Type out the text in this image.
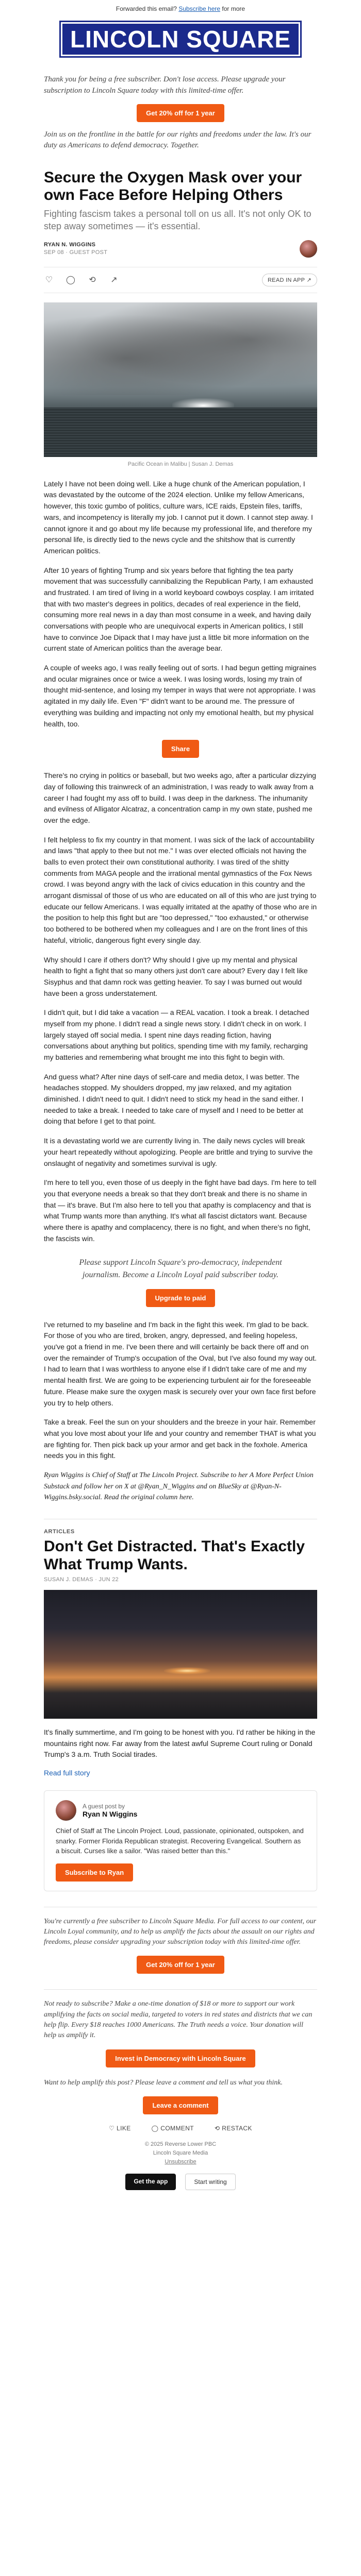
Forwarded this email? Subscribe here for more
LINCOLN SQUARE

Thank you for being a free subscriber. Don't lose access. Please upgrade your subscription to Lincoln Square today with this limited-time offer.

Get 20% off for 1 year

Join us on the frontline in the battle for our rights and freedoms under the law. It's our duty as Americans to defend democracy. Together.

Secure the Oxygen Mask over your own Face Before Helping Others

Fighting fascism takes a personal toll on us all. It's not only OK to step away sometimes — it's essential.

RYAN N. WIGGINS
SEP 08 · GUEST POST
♡ ◯ ⟲ ↗	READ IN APP ↗
Pacific Ocean in Malibu | Susan J. Demas

Lately I have not been doing well. Like a huge chunk of the American population, I was devastated by the outcome of the 2024 election. Unlike my fellow Americans, however, this toxic gumbo of politics, culture wars, ICE raids, Epstein files, tariffs, wars, and incompetency is literally my job. I cannot put it down. I cannot step away. I cannot ignore it and go about my life because my professional life, and therefore my personal life, is directly tied to the news cycle and the shitshow that is currently American politics.

After 10 years of fighting Trump and six years before that fighting the tea party movement that was successfully cannibalizing the Republican Party, I am exhausted and frustrated. I am tired of living in a world keyboard cowboys cosplay. I am irritated that with two master's degrees in politics, decades of real experience in the field, consuming more real news in a day than most consume in a week, and having daily conversations with people who are unequivocal experts in American politics, I still have to convince Joe Dipack that I may have just a little bit more information on the current state of American politics than the average bear.

A couple of weeks ago, I was really feeling out of sorts. I had begun getting migraines and ocular migraines once or twice a week. I was losing words, losing my train of thought mid-sentence, and losing my temper in ways that were not appropriate. I was agitated in my daily life. Even "F" didn't want to be around me. The pressure of everything was building and impacting not only my emotional health, but my physical health, too.

Share

There's no crying in politics or baseball, but two weeks ago, after a particular dizzying day of following this trainwreck of an administration, I was ready to walk away from a career I had fought my ass off to build. I was deep in the darkness. The inhumanity and evilness of Alligator Alcatraz, a concentration camp in my own state, pushed me over the edge.

I felt helpless to fix my country in that moment. I was sick of the lack of accountability and laws "that apply to thee but not me." I was over elected officials not having the balls to even protect their own constitutional authority. I was tired of the shitty comments from MAGA people and the irrational mental gymnastics of the Fox News crowd. I was beyond angry with the lack of civics education in this country and the arrogant dismissal of those of us who are educated on all of this who are just trying to educate our fellow Americans. I was equally irritated at the apathy of those who are in the position to help this fight but are "too depressed," "too exhausted," or otherwise too bothered to be bothered when my colleagues and I are on the front lines of this hateful, vitriolic, dangerous fight every single day.

Why should I care if others don't? Why should I give up my mental and physical health to fight a fight that so many others just don't care about? Every day I felt like Sisyphus and that damn rock was getting heavier. To say I was burned out would have been a gross understatement.

I didn't quit, but I did take a vacation — a REAL vacation. I took a break. I detached myself from my phone. I didn't read a single news story. I didn't check in on work. I largely stayed off social media. I spent nine days reading fiction, having conversations about anything but politics, spending time with my family, recharging my batteries and remembering what brought me into this fight to begin with.

And guess what? After nine days of self-care and media detox, I was better. The headaches stopped. My shoulders dropped, my jaw relaxed, and my agitation diminished. I didn't need to quit. I didn't need to stick my head in the sand either. I needed to take a break. I needed to take care of myself and I need to be better at doing that before I get to that point.

It is a devastating world we are currently living in. The daily news cycles will break your heart repeatedly without apologizing. People are brittle and trying to survive the onslaught of negativity and sometimes survival is ugly.

I'm here to tell you, even those of us deeply in the fight have bad days. I'm here to tell you that everyone needs a break so that they don't break and there is no shame in that — it's brave. But I'm also here to tell you that apathy is complacency and that is what Trump wants more than anything. It's what all fascist dictators want. Because where there is apathy and complacency, there is no fight, and when there's no fight, the fascists win.

Please support Lincoln Square's pro-democracy, independent journalism. Become a Lincoln Loyal paid subscriber today.

Upgrade to paid

I've returned to my baseline and I'm back in the fight this week. I'm glad to be back. For those of you who are tired, broken, angry, depressed, and feeling hopeless, you've got a friend in me. I've been there and will certainly be back there off and on over the remainder of Trump's occupation of the Oval, but I've also found my way out. I had to learn that I was worthless to anyone else if I didn't take care of me and my mental health first. We are going to be experiencing turbulent air for the foreseeable future. Please make sure the oxygen mask is securely over your own face first before you try to help others.

Take a break. Feel the sun on your shoulders and the breeze in your hair. Remember what you love most about your life and your country and remember THAT is what you are fighting for. Then pick back up your armor and get back in the foxhole. America needs you in this fight.

Ryan Wiggins is Chief of Staff at The Lincoln Project. Subscribe to her A More Perfect Union Substack and follow her on X at @Ryan_N_Wiggins and on BlueSky at @Ryan-N-Wiggins.bsky.social. Read the original column here.

ARTICLES
Don't Get Distracted. That's Exactly What Trump Wants.
SUSAN J. DEMAS · JUN 22

It's finally summertime, and I'm going to be honest with you. I'd rather be hiking in the mountains right now. Far away from the latest awful Supreme Court ruling or Donald Trump's 3 a.m. Truth Social tirades.

Read full story
A guest post by
Ryan N Wiggins
Chief of Staff at The Lincoln Project. Loud, passionate, opinionated, outspoken, and snarky. Former Florida Republican strategist. Recovering Evangelical. Southern as a biscuit. Curses like a sailor. "Was raised better than this."
Subscribe to Ryan

You're currently a free subscriber to Lincoln Square Media. For full access to our content, our Lincoln Loyal community, and to help us amplify the facts about the assault on our rights and freedoms, please consider upgrading your subscription today with this limited-time offer.

Get 20% off for 1 year

Not ready to subscribe? Make a one-time donation of $18 or more to support our work amplifying the facts on social media, targeted to voters in red states and districts that we can help flip. Every $18 reaches 1000 Americans. The Truth needs a voice. Your donation will help us amplify it.

Invest in Democracy with Lincoln Square

Want to help amplify this post? Please leave a comment and tell us what you think.

Leave a comment
♡ LIKE	◯ COMMENT	⟲ RESTACK
© 2025 Reverse Lower PBC
Lincoln Square Media
Unsubscribe
Get the app	Start writing
